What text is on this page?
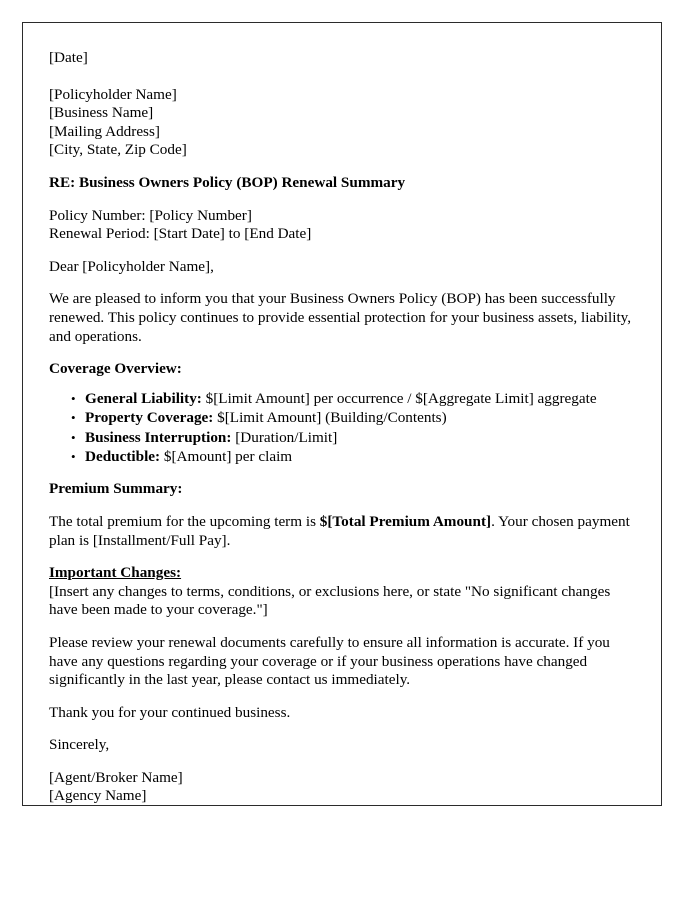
[Date]
[Policyholder Name]
[Business Name]
[Mailing Address]
[City, State, Zip Code]
RE: Business Owners Policy (BOP) Renewal Summary
Policy Number: [Policy Number]
Renewal Period: [Start Date] to [End Date]
Dear [Policyholder Name],
We are pleased to inform you that your Business Owners Policy (BOP) has been successfully renewed. This policy continues to provide essential protection for your business assets, liability, and operations.
Coverage Overview:
• General Liability: $[Limit Amount] per occurrence / $[Aggregate Limit] aggregate
• Property Coverage: $[Limit Amount] (Building/Contents)
• Business Interruption: [Duration/Limit]
• Deductible: $[Amount] per claim
Premium Summary:
The total premium for the upcoming term is $[Total Premium Amount]. Your chosen payment plan is [Installment/Full Pay].
Important Changes:
[Insert any changes to terms, conditions, or exclusions here, or state "No significant changes have been made to your coverage."]
Please review your renewal documents carefully to ensure all information is accurate. If you have any questions regarding your coverage or if your business operations have changed significantly in the last year, please contact us immediately.
Thank you for your continued business.
Sincerely,
[Agent/Broker Name]
[Agency Name]
